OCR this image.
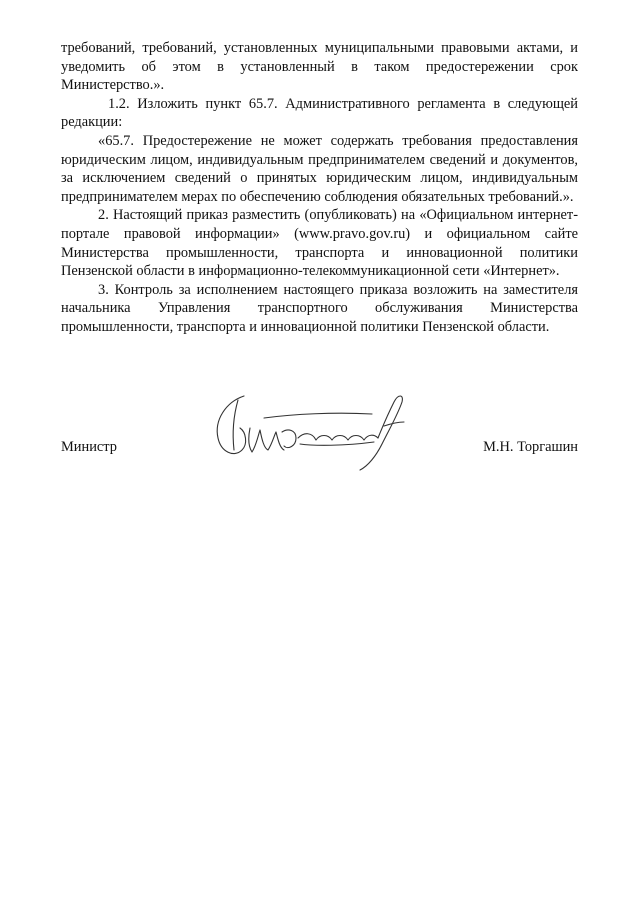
требований, требований, установленных муниципальными правовыми актами, и уведомить об этом в установленный в таком предостережении срок Министерство.».

1.2. Изложить пункт 65.7. Административного регламента в следующей редакции:

«65.7. Предостережение не может содержать требования предоставления юридическим лицом, индивидуальным предпринимателем сведений и документов, за исключением сведений о принятых юридическим лицом, индивидуальным предпринимателем мерах по обеспечению соблюдения обязательных требований.».

2. Настоящий приказ разместить (опубликовать) на «Официальном интернет-портале правовой информации» (www.pravo.gov.ru) и официальном сайте Министерства промышленности, транспорта и инновационной политики Пензенской области в информационно-телекоммуникационной сети «Интернет».

3. Контроль за исполнением настоящего приказа возложить на заместителя начальника Управления транспортного обслуживания Министерства промышленности, транспорта и инновационной политики Пензенской области.

Министр	М.Н. Торгашин
